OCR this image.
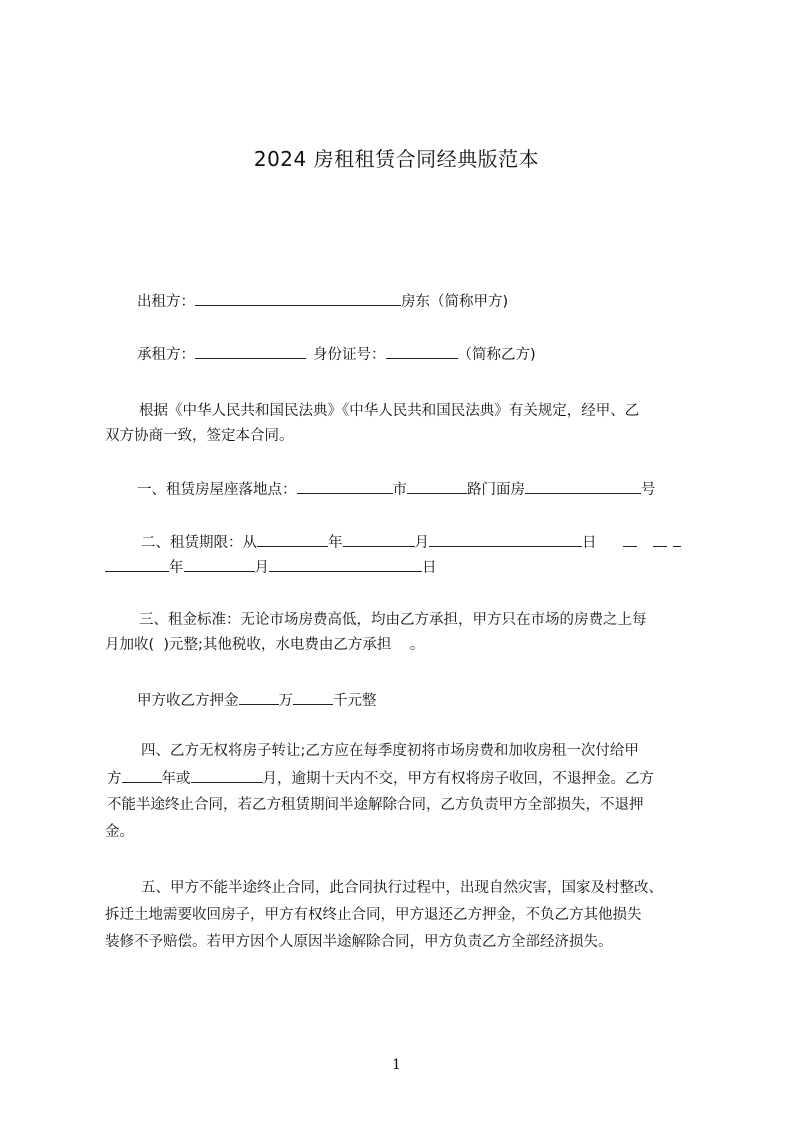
2024 房租租赁合同经典版范本
出租方：	房东（简称甲方)
承租方：	身份证号：	（简称乙方)
根据《中华人民共和国民法典》《中华人民共和国民法典》有关规定，经甲、乙
双方协商一致，签定本合同。
一、租赁房屋座落地点：	市	路门面房	号
二、租赁期限：从	年	月	日
年	月	日
三、租金标准：无论市场房费高低，均由乙方承担，甲方只在市场的房费之上每
月加收(  )元整;其他税收，水电费由乙方承担    。
甲方收乙方押金	万	千元整
四、乙方无权将房子转让;乙方应在每季度初将市场房费和加收房租一次付给甲
方	年或	月，逾期十天内不交，甲方有权将房子收回，不退押金。乙方
不能半途终止合同，若乙方租赁期间半途解除合同，乙方负责甲方全部损失，不退押
金。
五、甲方不能半途终止合同，此合同执行过程中，出现自然灾害，国家及村整改、
拆迁土地需要收回房子，甲方有权终止合同，甲方退还乙方押金，不负乙方其他损失
装修不予赔偿。若甲方因个人原因半途解除合同，甲方负责乙方全部经济损失。
1
